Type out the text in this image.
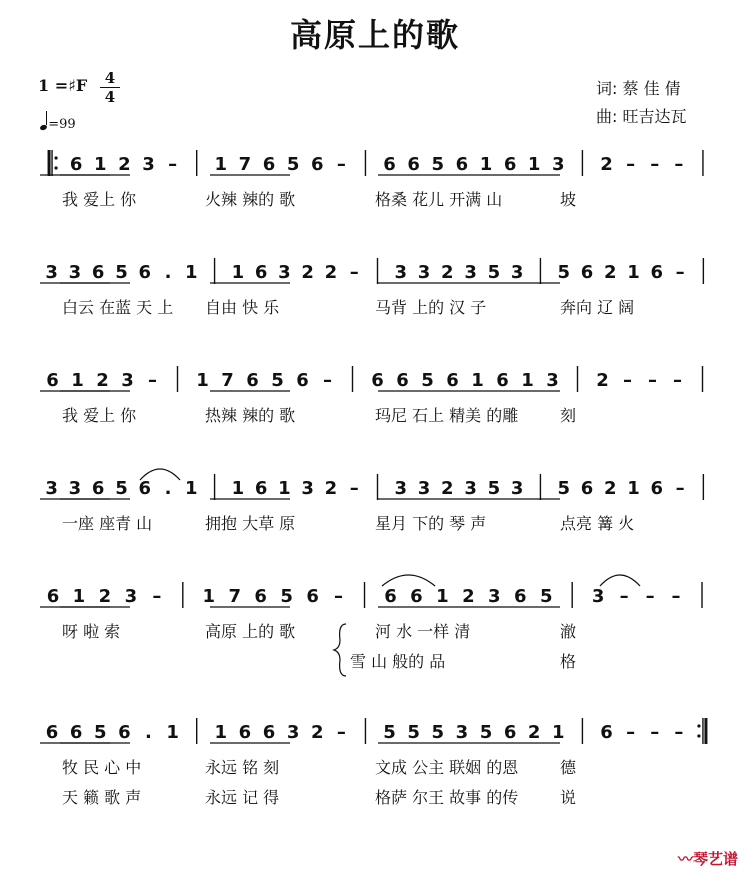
高原上的歌
1 =♯F	4
4
=99
词: 蔡 佳 倩
曲: 旺吉达瓦
6 1 2 3 – 1 7 6 5 6 – 6 6 5 6 1 6 1 3 2 – – –
3 3 6 5 6 . 1 1 6 3 2 2 – 3 3 2 3 5 3 5 6 2 1 6 –
6 1 2 3 – 1 7 6 5 6 – 6 6 5 6 1 6 1 3 2 – – –
3 3 6 5 6 . 1 1 6 1 3 2 – 3 3 2 3 5 3 5 6 2 1 6 –
6 1 2 3 – 1 7 6 5 6 – 6 6 1 2 3 6 5 3 – – –
6 6 5 6 . 1 1 6 6 3 2 – 5 5 5 3 5 6 2 1 6 – – –
我 爱上 你	火辣 辣的 歌	格桑 花儿 开满 山	坡
白云 在蓝 天 上 自由 快 乐	马背 上的 汉 子	奔向 辽 阔
我 爱上 你	热辣 辣的 歌	玛尼 石上 精美 的雕	刻
一座 座青 山	拥抱 大草 原	星月 下的 琴 声	点亮 篝 火
呀 啦 索	高原 上的 歌	河 水 一样 清	澈
雪 山 般的 品	格
牧 民 心 中	永远 铭 刻	文成 公主 联姻 的恩	德
天 籁 歌 声	永远 记 得	格萨 尔王 故事 的传	说
〰琴艺谱
